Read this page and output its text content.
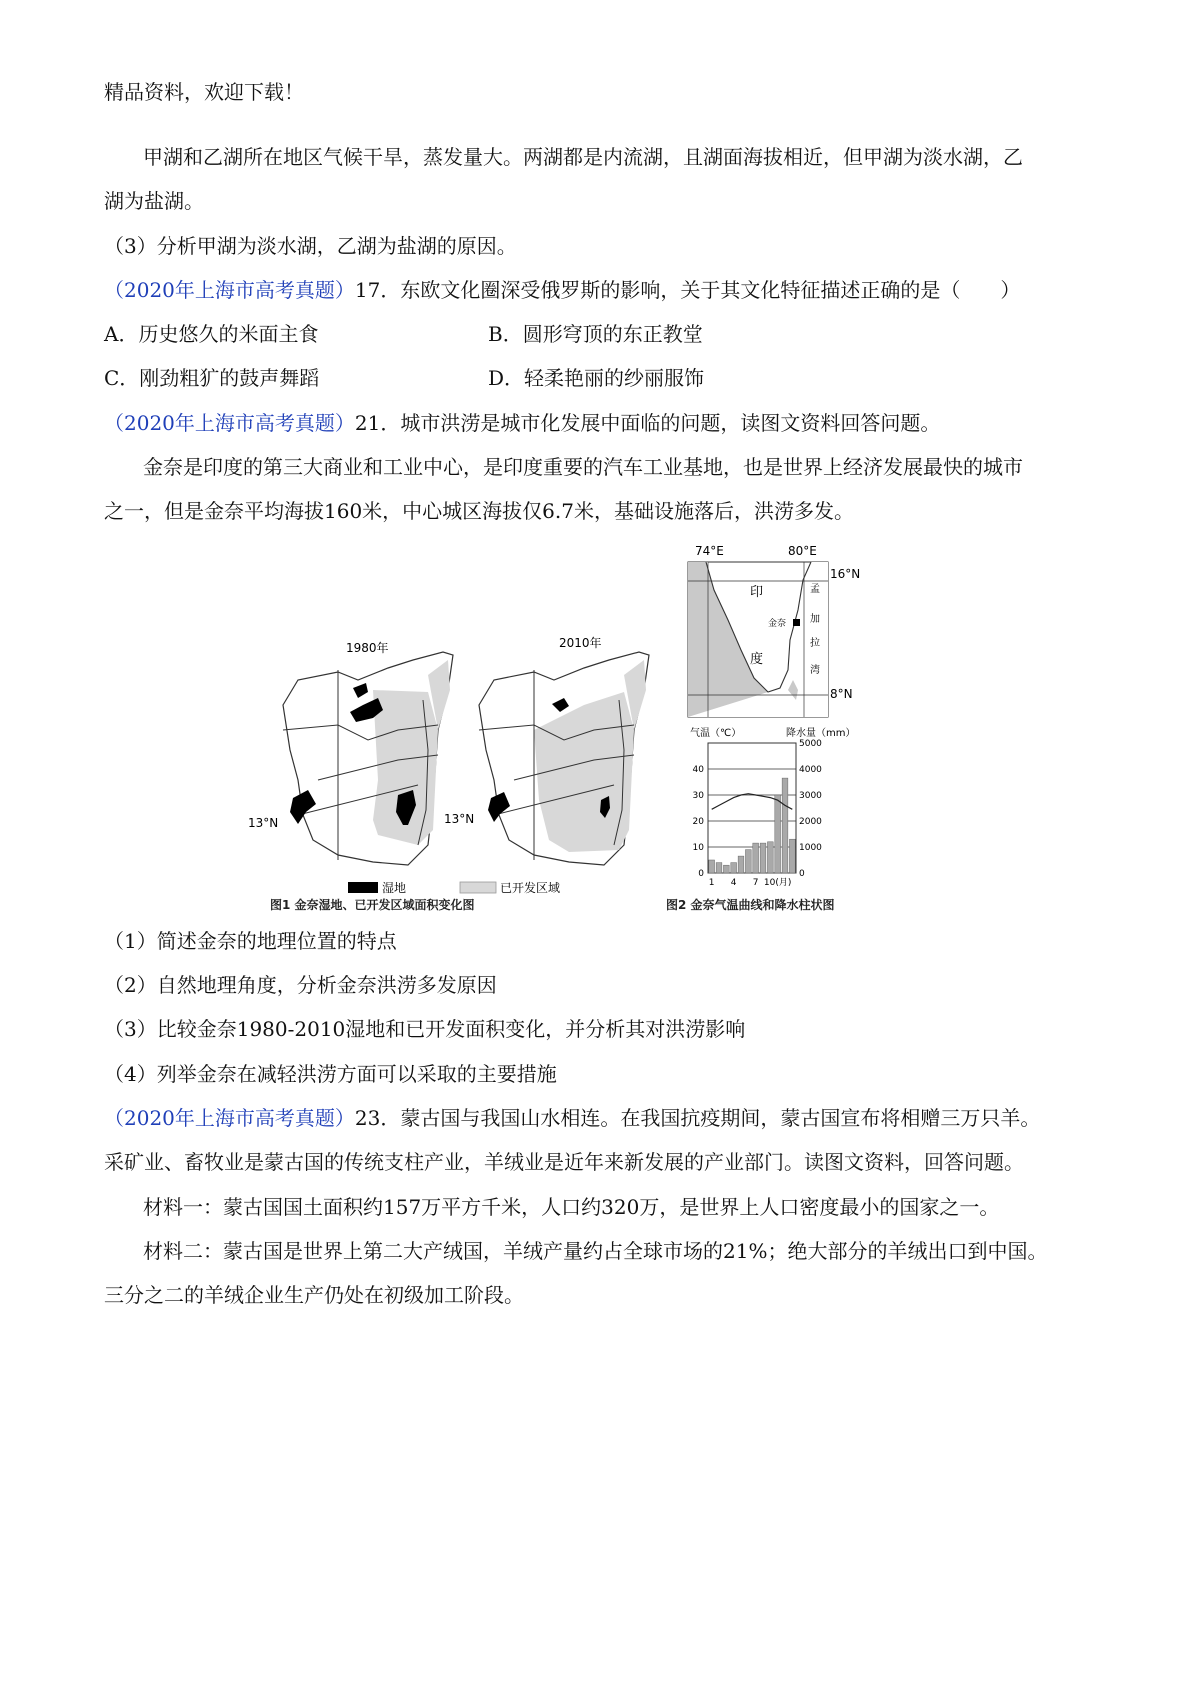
精品资料，欢迎下载！
甲湖和乙湖所在地区气候干旱，蒸发量大。两湖都是内流湖，且湖面海拔相近，但甲湖为淡水湖，乙
湖为盐湖。
（3）分析甲湖为淡水湖，乙湖为盐湖的原因。
（2020年上海市高考真题）17．东欧文化圈深受俄罗斯的影响，关于其文化特征描述正确的是（　　）
A．历史悠久的米面主食	B．圆形穹顶的东正教堂
C．刚劲粗犷的鼓声舞蹈	D．轻柔艳丽的纱丽服饰
（2020年上海市高考真题）21．城市洪涝是城市化发展中面临的问题，读图文资料回答问题。
金奈是印度的第三大商业和工业中心，是印度重要的汽车工业基地，也是世界上经济发展最快的城市
之一，但是金奈平均海拔160米，中心城区海拔仅6.7米，基础设施落后，洪涝多发。
1980年
13°N
2010年
13°N
湿地	已开发区域
图1 金奈湿地、已开发区域面积变化图
74°E	80°E
16°N
8°N
印
度
金奈
孟
加
拉
湾
气温（℃）	降水量（mm）
0
10
20
30
40
0
1000
2000
3000
4000
5000
1 4 7 10(月)
图2 金奈气温曲线和降水柱状图
（1）简述金奈的地理位置的特点
（2）自然地理角度，分析金奈洪涝多发原因
（3）比较金奈1980-2010湿地和已开发面积变化，并分析其对洪涝影响
（4）列举金奈在减轻洪涝方面可以采取的主要措施
（2020年上海市高考真题）23．蒙古国与我国山水相连。在我国抗疫期间，蒙古国宣布将相赠三万只羊。
采矿业、畜牧业是蒙古国的传统支柱产业，羊绒业是近年来新发展的产业部门。读图文资料，回答问题。
材料一：蒙古国国土面积约157万平方千米，人口约320万，是世界上人口密度最小的国家之一。
材料二：蒙古国是世界上第二大产绒国，羊绒产量约占全球市场的21%；绝大部分的羊绒出口到中国。
三分之二的羊绒企业生产仍处在初级加工阶段。
